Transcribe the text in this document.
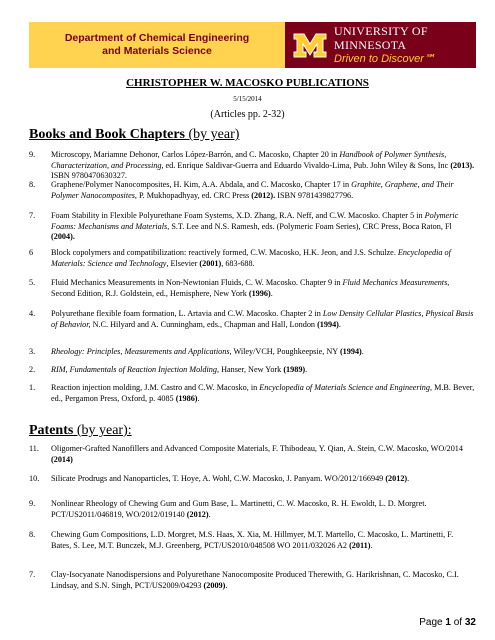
Department of Chemical Engineering
and Materials Science
UNIVERSITY OF MINNESOTA
Driven to Discover℠
CHRISTOPHER W. MACOSKO PUBLICATIONS
5/15/2014
(Articles pp. 2-32)
Books and Book Chapters (by year)
9. Microscopy, Mariamne Dehonor, Carlos López-Barrón, and C. Macosko, Chapter 20 in Handbook of Polymer Synthesis, Characterization, and Processing, ed. Enrique Saldivar-Guerra and Eduardo Vivaldo-Lima, Pub. John Wiley & Sons, Inc (2013). ISBN 9780470630327.
8. Graphene/Polymer Nanocomposites, H. Kim, A.A. Abdala, and C. Macosko, Chapter 17 in Graphite, Graphene, and Their Polymer Nanocomposites, P. Mukhopadhyay, ed. CRC Press (2012). ISBN 9781439827796.
7. Foam Stability in Flexible Polyurethane Foam Systems, X.D. Zhang, R.A. Neff, and C.W. Macosko. Chapter 5 in Polymeric Foams: Mechanisms and Materials, S.T. Lee and N.S. Ramesh, eds. (Polymeric Foam Series), CRC Press, Boca Raton, Fl (2004).
6 Block copolymers and compatibilization: reactively formed, C.W. Macosko, H.K. Jeon, and J.S. Schulze. Encyclopedia of Materials: Science and Technology, Elsevier (2001), 683-688.
5. Fluid Mechanics Measurements in Non-Newtonian Fluids, C. W. Macosko. Chapter 9 in Fluid Mechanics Measurements, Second Edition, R.J. Goldstein, ed., Hemisphere, New York (1996).
4. Polyurethane flexible foam formation, L. Artavia and C.W. Macosko. Chapter 2 in Low Density Cellular Plastics, Physical Basis of Behavior, N.C. Hilyard and A. Cunningham, eds., Chapman and Hall, London (1994).
3. Rheology: Principles, Measurements and Applications, Wiley/VCH, Poughkeepsie, NY (1994).
2. RIM, Fundamentals of Reaction Injection Molding, Hanser, New York (1989).
1. Reaction injection molding, J.M. Castro and C.W. Macosko, in Encyclopedia of Materials Science and Engineering, M.B. Bever, ed., Pergamon Press, Oxford, p. 4085 (1986).
Patents (by year):
11. Oligomer-Grafted Nanofillers and Advanced Composite Materials, F. Thibodeau, Y. Qian, A. Stein, C.W. Macosko, WO/2014 (2014)
10. Silicate Prodrugs and Nanoparticles, T. Hoye, A. Wohl, C.W. Macosko, J. Panyam. WO/2012/166949 (2012).
9. Nonlinear Rheology of Chewing Gum and Gum Base, L. Martinetti, C. W. Macosko, R. H. Ewoldt, L. D. Morgret. PCT/US2011/046819, WO/2012/019140 (2012).
8. Chewing Gum Compositions, L.D. Morgret, M.S. Haas, X. Xia, M. Hillmyer, M.T. Martello, C. Macosko, L. Martinetti, F. Bates, S. Lee, M.T. Bunczek, M.J. Greenberg, PCT/US2010/048508 WO 2011/032026 A2 (2011).
7. Clay-Isocyanate Nanodispersions and Polyurethane Nanocomposite Produced Therewith, G. Harikrishnan, C. Macosko, C.I. Lindsay, and S.N. Singh, PCT/US2009/04293 (2009).
Page 1 of 32
